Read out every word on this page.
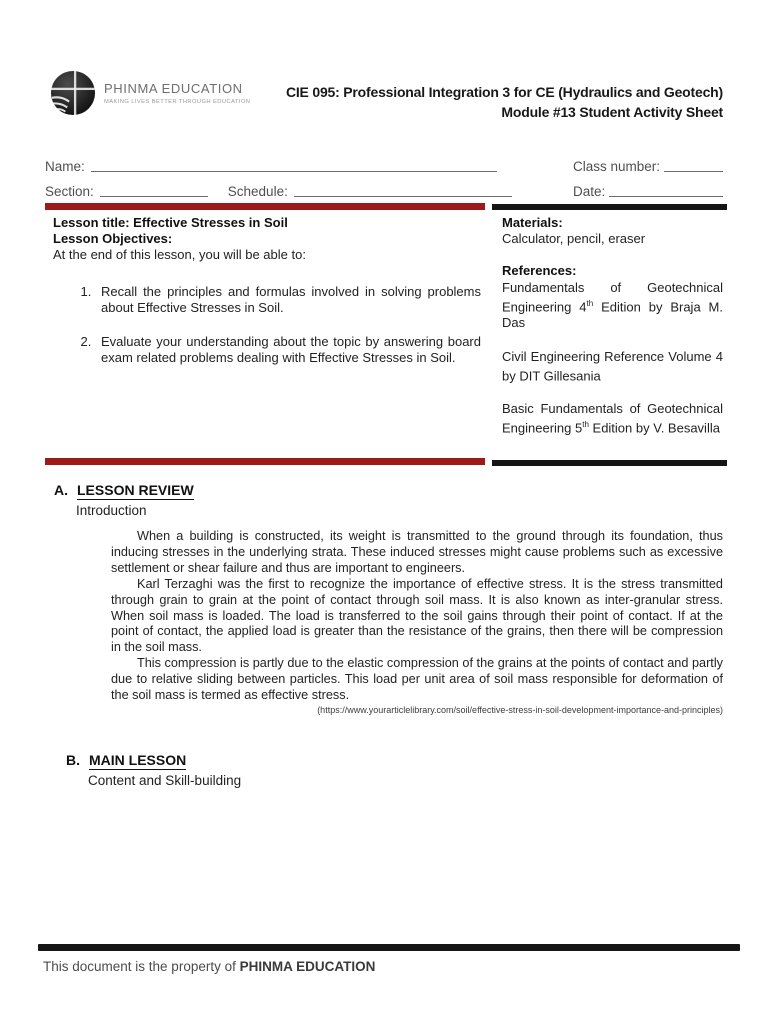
PHINMA EDUCATION
MAKING LIVES BETTER THROUGH EDUCATION
CIE 095: Professional Integration 3 for CE (Hydraulics and Geotech)
Module #13 Student Activity Sheet
Name:	Class number:
Section:	Schedule:	Date:
Lesson title: Effective Stresses in Soil
Lesson Objectives:
At the end of this lesson, you will be able to:
1. Recall the principles and formulas involved in solving problems about Effective Stresses in Soil.
2. Evaluate your understanding about the topic by answering board exam related problems dealing with Effective Stresses in Soil.
Materials:
Calculator, pencil, eraser
References:
Fundamentals of Geotechnical Engineering 4th Edition by Braja M. Das
Civil Engineering Reference Volume 4 by DIT Gillesania
Basic Fundamentals of Geotechnical Engineering 5th Edition by V. Besavilla
A. LESSON REVIEW
Introduction

When a building is constructed, its weight is transmitted to the ground through its foundation, thus inducing stresses in the underlying strata. These induced stresses might cause problems such as excessive settlement or shear failure and thus are important to engineers.

Karl Terzaghi was the first to recognize the importance of effective stress. It is the stress transmitted through grain to grain at the point of contact through soil mass. It is also known as inter-granular stress. When soil mass is loaded. The load is transferred to the soil gains through their point of contact. If at the point of contact, the applied load is greater than the resistance of the grains, then there will be compression in the soil mass.

This compression is partly due to the elastic compression of the grains at the points of contact and partly due to relative sliding between particles. This load per unit area of soil mass responsible for deformation of the soil mass is termed as effective stress.

(https://www.yourarticlelibrary.com/soil/effective-stress-in-soil-development-importance-and-principles)
B. MAIN LESSON
Content and Skill-building
This document is the property of PHINMA EDUCATION
